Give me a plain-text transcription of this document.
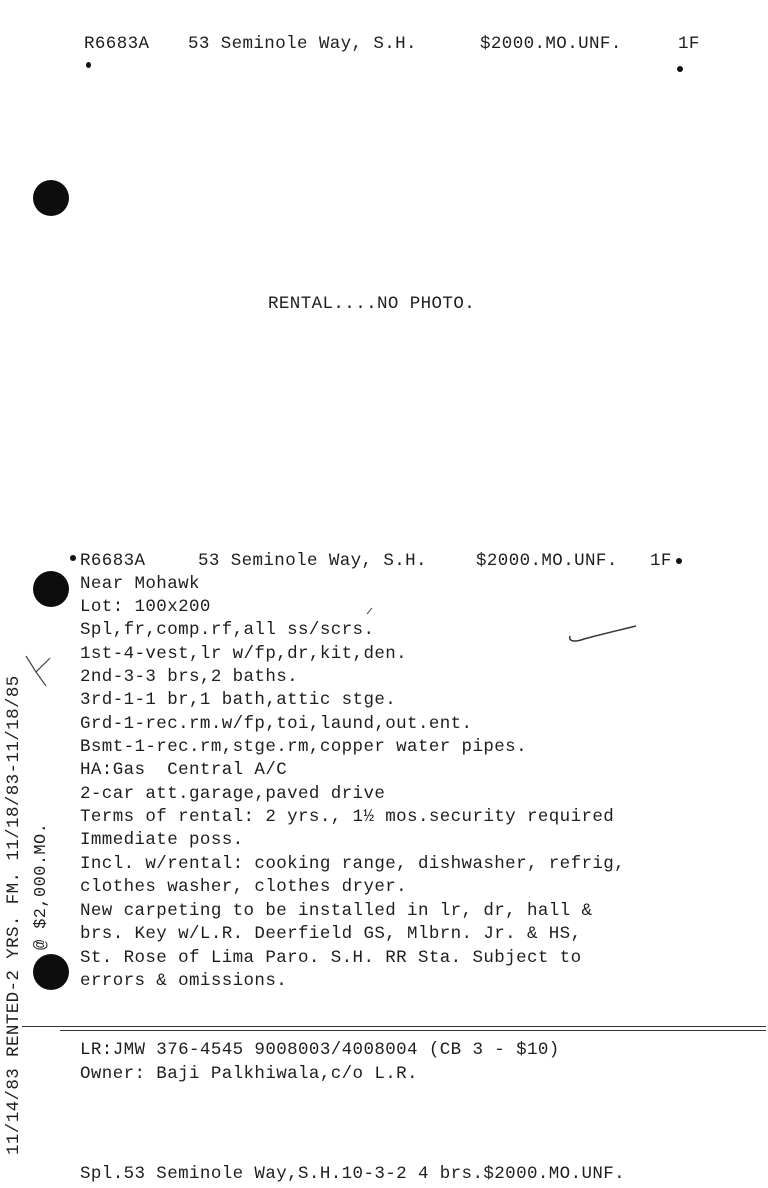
R6683A 53 Seminole Way, S.H.	$2000.MO.UNF.	1F
RENTAL....NO PHOTO.
R6683A	53 Seminole Way, S.H.	$2000.MO.UNF. 1F
Near Mohawk
Lot: 100x200
Spl,fr,comp.rf,all ss/scrs.
1st-4-vest,lr w/fp,dr,kit,den.
2nd-3-3 brs,2 baths.
3rd-1-1 br,1 bath,attic stge.
Grd-1-rec.rm.w/fp,toi,laund,out.ent.
Bsmt-1-rec.rm,stge.rm,copper water pipes.
HA:Gas  Central A/C
2-car att.garage,paved drive
Terms of rental: 2 yrs., 1½ mos.security required
Immediate poss.
Incl. w/rental: cooking range, dishwasher, refrig,
clothes washer, clothes dryer.
New carpeting to be installed in lr, dr, hall &
brs. Key w/L.R. Deerfield GS, Mlbrn. Jr. & HS,
St. Rose of Lima Paro. S.H. RR Sta. Subject to
errors & omissions.
LR:JMW 376-4545 9008003/4008004 (CB 3 - $10)
Owner: Baji Palkhiwala,c/o L.R.
Spl.53 Seminole Way,S.H.10-3-2 4 brs.$2000.MO.UNF.
11/14/83 RENTED-2 YRS. FM. 11/18/83-11/18/85 @ $2,000.MO.
